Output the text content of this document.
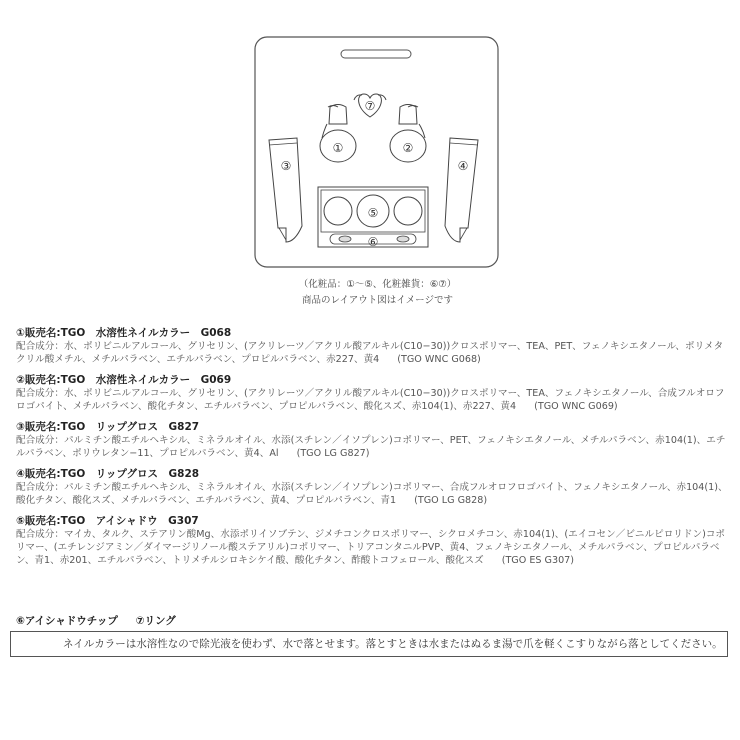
⑦
①	②
③	④
⑤
⑥
（化粧品：①〜⑤、化粧雑貨：⑥⑦）
商品のレイアウト図はイメージです
①販売名:TGO　水溶性ネイルカラー　G068
配合成分：水、ポリビニルアルコール、グリセリン、(アクリレーツ／アクリル酸アルキル(C10−30))クロスポリマー、TEA、PET、フェノキシエタノール、ポリメタクリル酸メチル、メチルパラベン、エチルパラベン、プロピルパラベン、赤227、黄4 (TGO WNC G068)
②販売名:TGO　水溶性ネイルカラー　G069
配合成分：水、ポリビニルアルコール、グリセリン、(アクリレーツ／アクリル酸アルキル(C10−30))クロスポリマー、TEA、フェノキシエタノール、合成フルオロフロゴパイト、メチルパラベン、酸化チタン、エチルパラベン、プロピルパラベン、酸化スズ、赤104(1)、赤227、黄4 (TGO WNC G069)
③販売名:TGO　リップグロス　G827
配合成分：パルミチン酸エチルヘキシル、ミネラルオイル、水添(スチレン／イソプレン)コポリマー、PET、フェノキシエタノール、メチルパラベン、赤104(1)、エチルパラベン、ポリウレタン−11、プロピルパラベン、黄4、Al (TGO LG G827)
④販売名:TGO　リップグロス　G828
配合成分：パルミチン酸エチルヘキシル、ミネラルオイル、水添(スチレン／イソプレン)コポリマー、合成フルオロフロゴパイト、フェノキシエタノール、赤104(1)、酸化チタン、酸化スズ、メチルパラベン、エチルパラベン、黄4、プロピルパラベン、青1 (TGO LG G828)
⑤販売名:TGO　アイシャドウ　G307
配合成分：マイカ、タルク、ステアリン酸Mg、水添ポリイソブテン、ジメチコンクロスポリマー、シクロメチコン、赤104(1)、(エイコセン／ビニルピロリドン)コポリマー、(エチレンジアミン／ダイマージリノール酸ステアリル)コポリマー、トリアコンタニルPVP、黄4、フェノキシエタノール、メチルパラベン、プロピルパラベン、青1、赤201、エチルパラベン、トリメチルシロキシケイ酸、酸化チタン、酢酸トコフェロール、酸化スズ (TGO ES G307)
⑥アイシャドウチップ ⑦リング
ネイルカラーは水溶性なので除光液を使わず、水で落とせます。落とすときは水またはぬるま湯で爪を軽くこすりながら落としてください。
